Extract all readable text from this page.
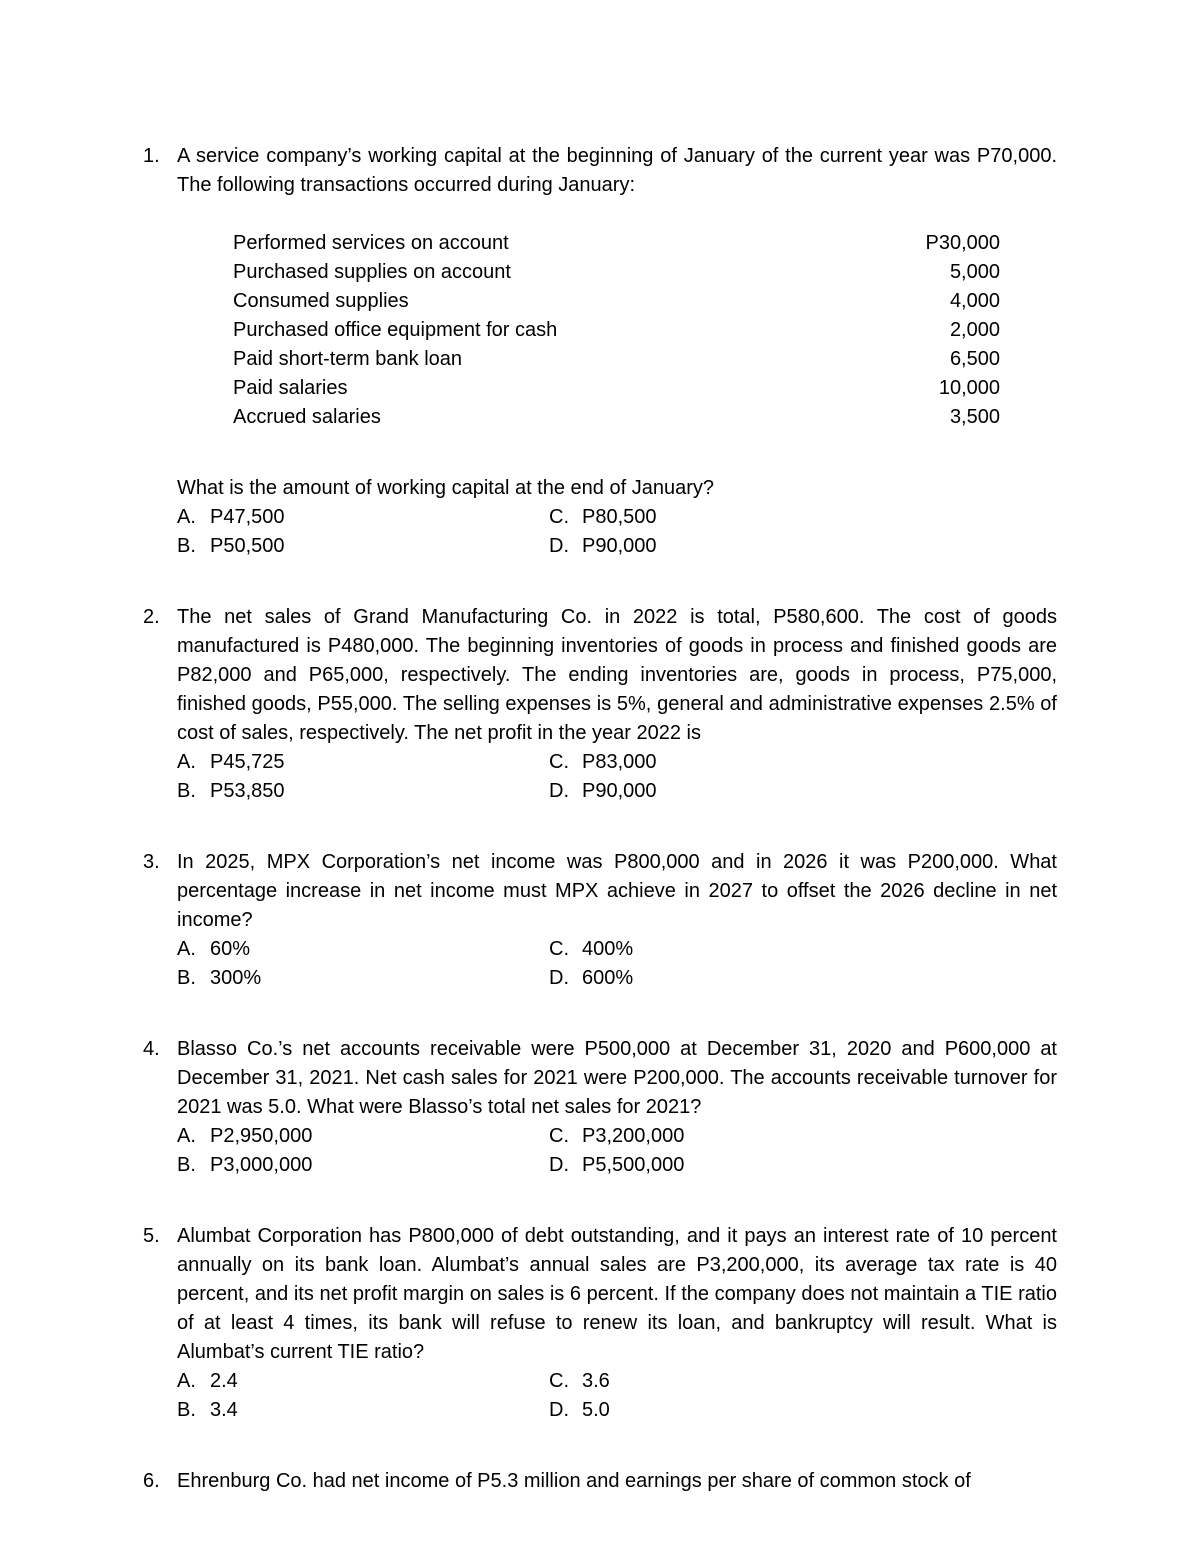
1. A service company’s working capital at the beginning of January of the current year was P70,000. The following transactions occurred during January:

Performed services on account	P30,000
Purchased supplies on account	5,000
Consumed supplies	4,000
Purchased office equipment for cash	2,000
Paid short-term bank loan	6,500
Paid salaries	10,000
Accrued salaries	3,500

What is the amount of working capital at the end of January?

A. P47,500	C. P80,500
B. P50,500	D. P90,000
2. The net sales of Grand Manufacturing Co. in 2022 is total, P580,600. The cost of goods manufactured is P480,000. The beginning inventories of goods in process and finished goods are P82,000 and P65,000, respectively. The ending inventories are, goods in process, P75,000, finished goods, P55,000. The selling expenses is 5%, general and administrative expenses 2.5% of cost of sales, respectively. The net profit in the year 2022 is

A. P45,725	C. P83,000
B. P53,850	D. P90,000
3. In 2025, MPX Corporation’s net income was P800,000 and in 2026 it was P200,000. What percentage increase in net income must MPX achieve in 2027 to offset the 2026 decline in net income?

A. 60%	C. 400%
B. 300%	D. 600%
4. Blasso Co.’s net accounts receivable were P500,000 at December 31, 2020 and P600,000 at December 31, 2021. Net cash sales for 2021 were P200,000. The accounts receivable turnover for 2021 was 5.0. What were Blasso’s total net sales for 2021?

A. P2,950,000	C. P3,200,000
B. P3,000,000	D. P5,500,000
5. Alumbat Corporation has P800,000 of debt outstanding, and it pays an interest rate of 10 percent annually on its bank loan. Alumbat’s annual sales are P3,200,000, its average tax rate is 40 percent, and its net profit margin on sales is 6 percent. If the company does not maintain a TIE ratio of at least 4 times, its bank will refuse to renew its loan, and bankruptcy will result. What is Alumbat’s current TIE ratio?

A. 2.4	C. 3.6
B. 3.4	D. 5.0
6. Ehrenburg Co. had net income of P5.3 million and earnings per share of common stock of
